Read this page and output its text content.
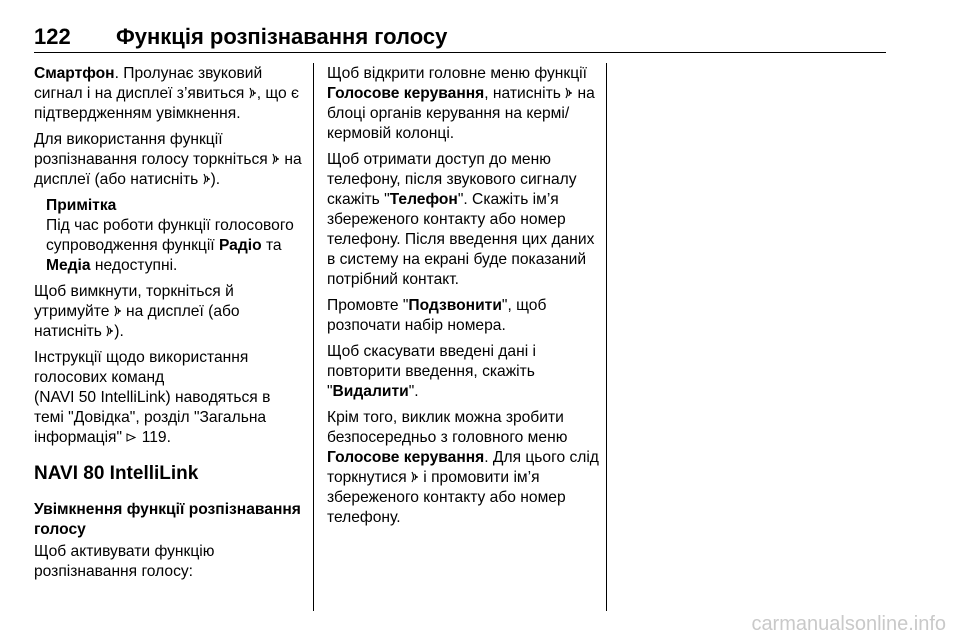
122 Функція розпізнавання голосу

Смартфон. Пролунає звуковий сигнал і на дисплеї з’явиться , що є підтвердженням увімкнення.

Для використання функції розпізнавання голосу торкніться  на дисплеї (або натисніть ).

Примітка
Під час роботи функції голосового супроводження функції Радіо та Медіа недоступні.

Щоб вимкнути, торкніться й утримуйте  на дисплеї (або натисніть ).

Інструкції щодо використання голосових команд
(NAVI 50 IntelliLink) наводяться в темі "Довідка", розділ "Загальна інформація"  119.

NAVI 80 IntelliLink
Увімкнення функції розпізнавання голосу

Щоб активувати функцію розпізнавання голосу:

Щоб відкрити головне меню функції Голосове керування, натисніть  на блоці органів керування на кермі/кермовій колонці.

Щоб отримати доступ до меню телефону, після звукового сигналу скажіть "Телефон". Скажіть ім’я збереженого контакту або номер телефону. Після введення цих даних в систему на екрані буде показаний потрібний контакт.

Промовте "Подзвонити", щоб розпочати набір номера.

Щоб скасувати введені дані і повторити введення, скажіть "Видалити".

Крім того, виклик можна зробити безпосередньо з головного меню Голосове керування. Для цього слід торкнутися  і промовити ім’я збереженого контакту або номер телефону.

carmanualsonline.info
